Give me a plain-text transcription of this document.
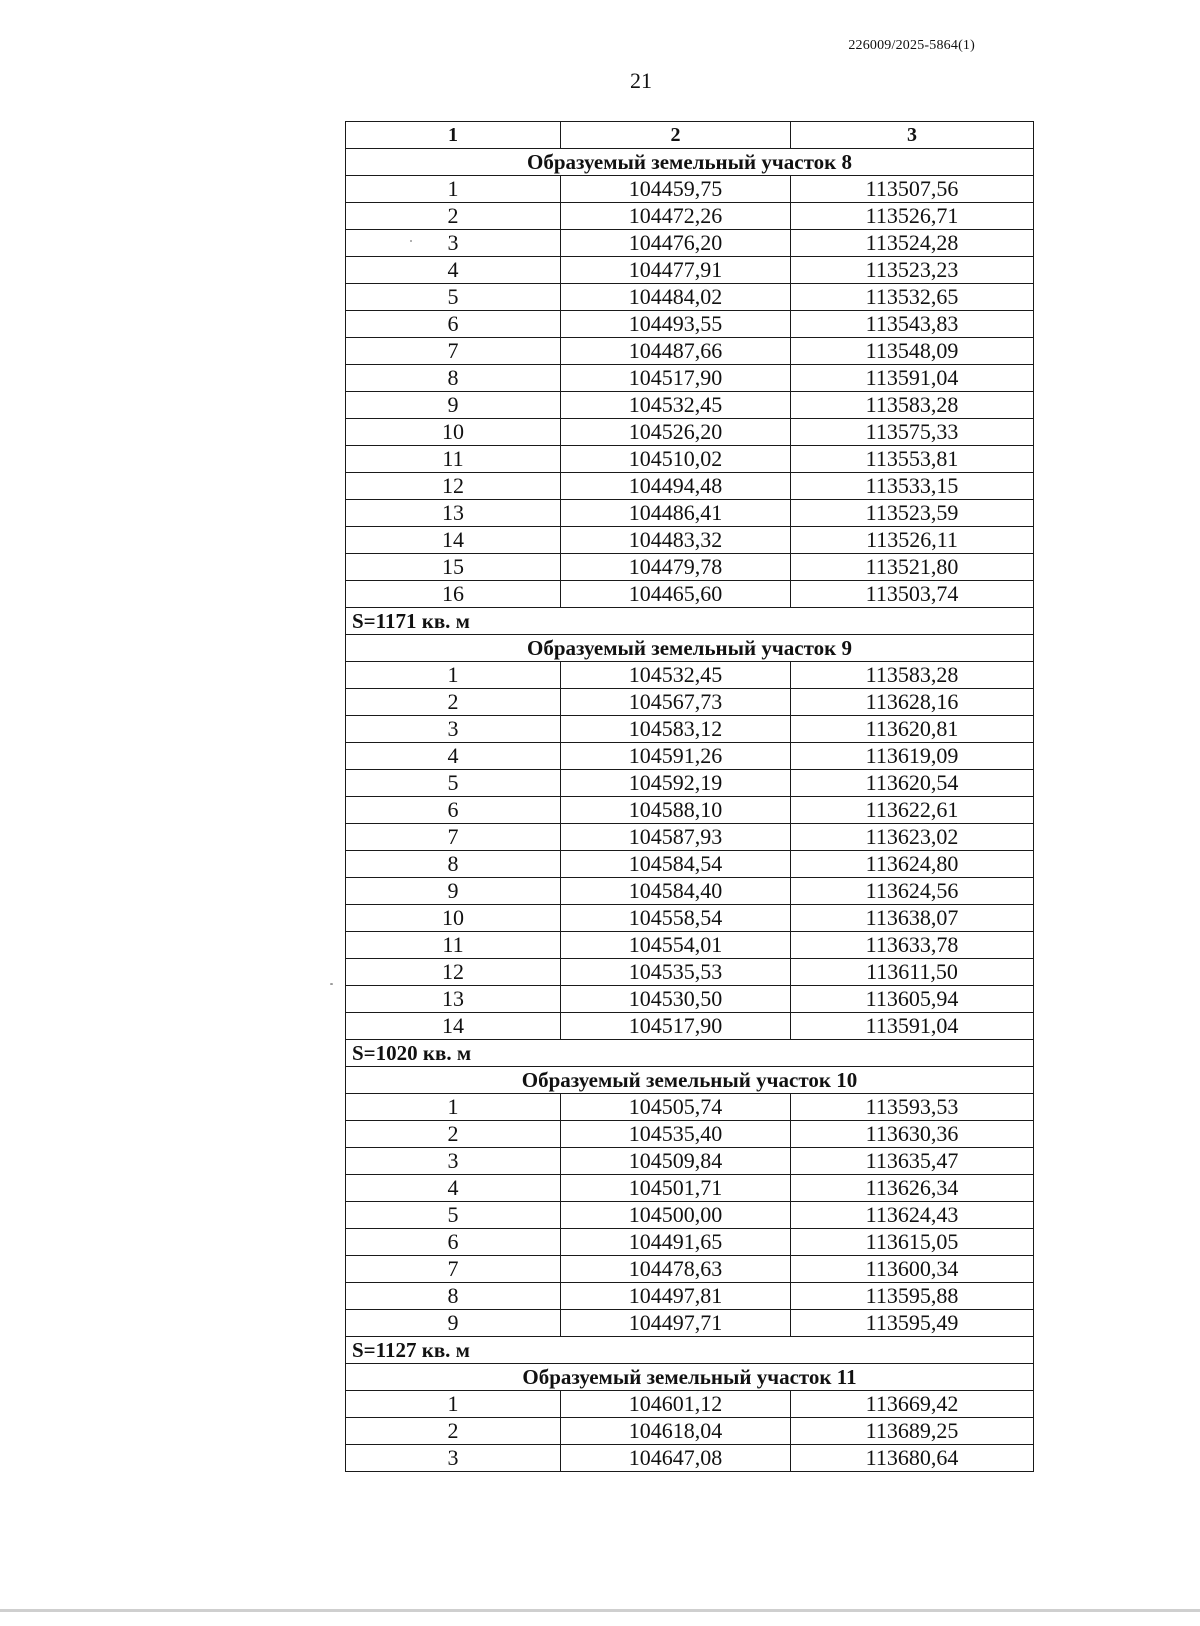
226009/2025-5864(1)
21
1	2	3
Образуемый земельный участок 8		
1	104459,75	113507,56
2	104472,26	113526,71
3	104476,20	113524,28
4	104477,91	113523,23
5	104484,02	113532,65
6	104493,55	113543,83
7	104487,66	113548,09
8	104517,90	113591,04
9	104532,45	113583,28
10	104526,20	113575,33
11	104510,02	113553,81
12	104494,48	113533,15
13	104486,41	113523,59
14	104483,32	113526,11
15	104479,78	113521,80
16	104465,60	113503,74
S=1171 кв. м		
Образуемый земельный участок 9		
1	104532,45	113583,28
2	104567,73	113628,16
3	104583,12	113620,81
4	104591,26	113619,09
5	104592,19	113620,54
6	104588,10	113622,61
7	104587,93	113623,02
8	104584,54	113624,80
9	104584,40	113624,56
10	104558,54	113638,07
11	104554,01	113633,78
12	104535,53	113611,50
13	104530,50	113605,94
14	104517,90	113591,04
S=1020 кв. м		
Образуемый земельный участок 10		
1	104505,74	113593,53
2	104535,40	113630,36
3	104509,84	113635,47
4	104501,71	113626,34
5	104500,00	113624,43
6	104491,65	113615,05
7	104478,63	113600,34
8	104497,81	113595,88
9	104497,71	113595,49
S=1127 кв. м		
Образуемый земельный участок 11		
1	104601,12	113669,42
2	104618,04	113689,25
3	104647,08	113680,64
